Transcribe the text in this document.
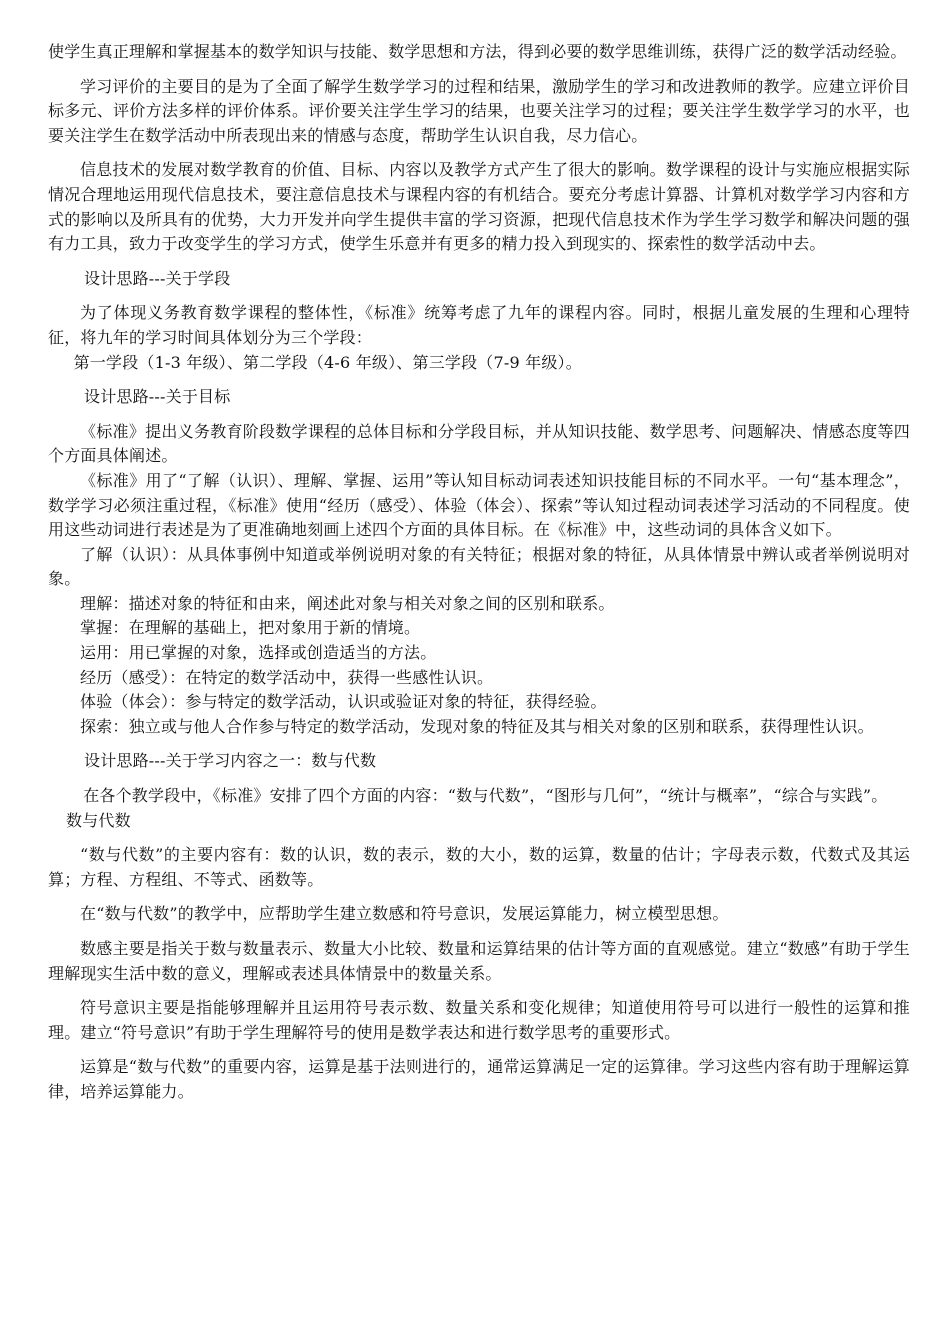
使学生真正理解和掌握基本的数学知识与技能、数学思想和方法，得到必要的数学思维训练，获得广泛的数学活动经验。

学习评价的主要目的是为了全面了解学生数学学习的过程和结果，激励学生的学习和改进教师的教学。应建立评价目标多元、评价方法多样的评价体系。评价要关注学生学习的结果，也要关注学习的过程；要关注学生数学学习的水平，也要关注学生在数学活动中所表现出来的情感与态度，帮助学生认识自我，尽力信心。

信息技术的发展对数学教育的价值、目标、内容以及教学方式产生了很大的影响。数学课程的设计与实施应根据实际情况合理地运用现代信息技术，要注意信息技术与课程内容的有机结合。要充分考虑计算器、计算机对数学学习内容和方式的影响以及所具有的优势，大力开发并向学生提供丰富的学习资源，把现代信息技术作为学生学习数学和解决问题的强有力工具，致力于改变学生的学习方式，使学生乐意并有更多的精力投入到现实的、探索性的数学活动中去。

设计思路---关于学段

为了体现义务教育数学课程的整体性，《标准》统筹考虑了九年的课程内容。同时，根据儿童发展的生理和心理特征，将九年的学习时间具体划分为三个学段：

第一学段（1-3 年级）、第二学段（4-6 年级）、第三学段（7-9 年级）。

设计思路---关于目标

《标准》提出义务教育阶段数学课程的总体目标和分学段目标，并从知识技能、数学思考、问题解决、情感态度等四个方面具体阐述。

《标准》用了“了解（认识）、理解、掌握、运用”等认知目标动词表述知识技能目标的不同水平。一句“基本理念”，数学学习必须注重过程，《标准》使用“经历（感受）、体验（体会）、探索”等认知过程动词表述学习活动的不同程度。使用这些动词进行表述是为了更准确地刻画上述四个方面的具体目标。在《标准》中，这些动词的具体含义如下。

了解（认识）：从具体事例中知道或举例说明对象的有关特征；根据对象的特征，从具体情景中辨认或者举例说明对象。

理解：描述对象的特征和由来，阐述此对象与相关对象之间的区别和联系。

掌握：在理解的基础上，把对象用于新的情境。

运用：用已掌握的对象，选择或创造适当的方法。

经历（感受）：在特定的数学活动中，获得一些感性认识。

体验（体会）：参与特定的数学活动，认识或验证对象的特征，获得经验。

探索：独立或与他人合作参与特定的数学活动，发现对象的特征及其与相关对象的区别和联系，获得理性认识。

设计思路---关于学习内容之一：数与代数

在各个教学段中，《标准》安排了四个方面的内容：“数与代数”，“图形与几何”，“统计与概率”，“综合与实践”。

数与代数

“数与代数”的主要内容有：数的认识，数的表示，数的大小，数的运算，数量的估计；字母表示数，代数式及其运算；方程、方程组、不等式、函数等。

在“数与代数”的教学中，应帮助学生建立数感和符号意识，发展运算能力，树立模型思想。

数感主要是指关于数与数量表示、数量大小比较、数量和运算结果的估计等方面的直观感觉。建立“数感”有助于学生理解现实生活中数的意义，理解或表述具体情景中的数量关系。

符号意识主要是指能够理解并且运用符号表示数、数量关系和变化规律；知道使用符号可以进行一般性的运算和推理。建立“符号意识”有助于学生理解符号的使用是数学表达和进行数学思考的重要形式。

运算是“数与代数”的重要内容，运算是基于法则进行的，通常运算满足一定的运算律。学习这些内容有助于理解运算律，培养运算能力。
